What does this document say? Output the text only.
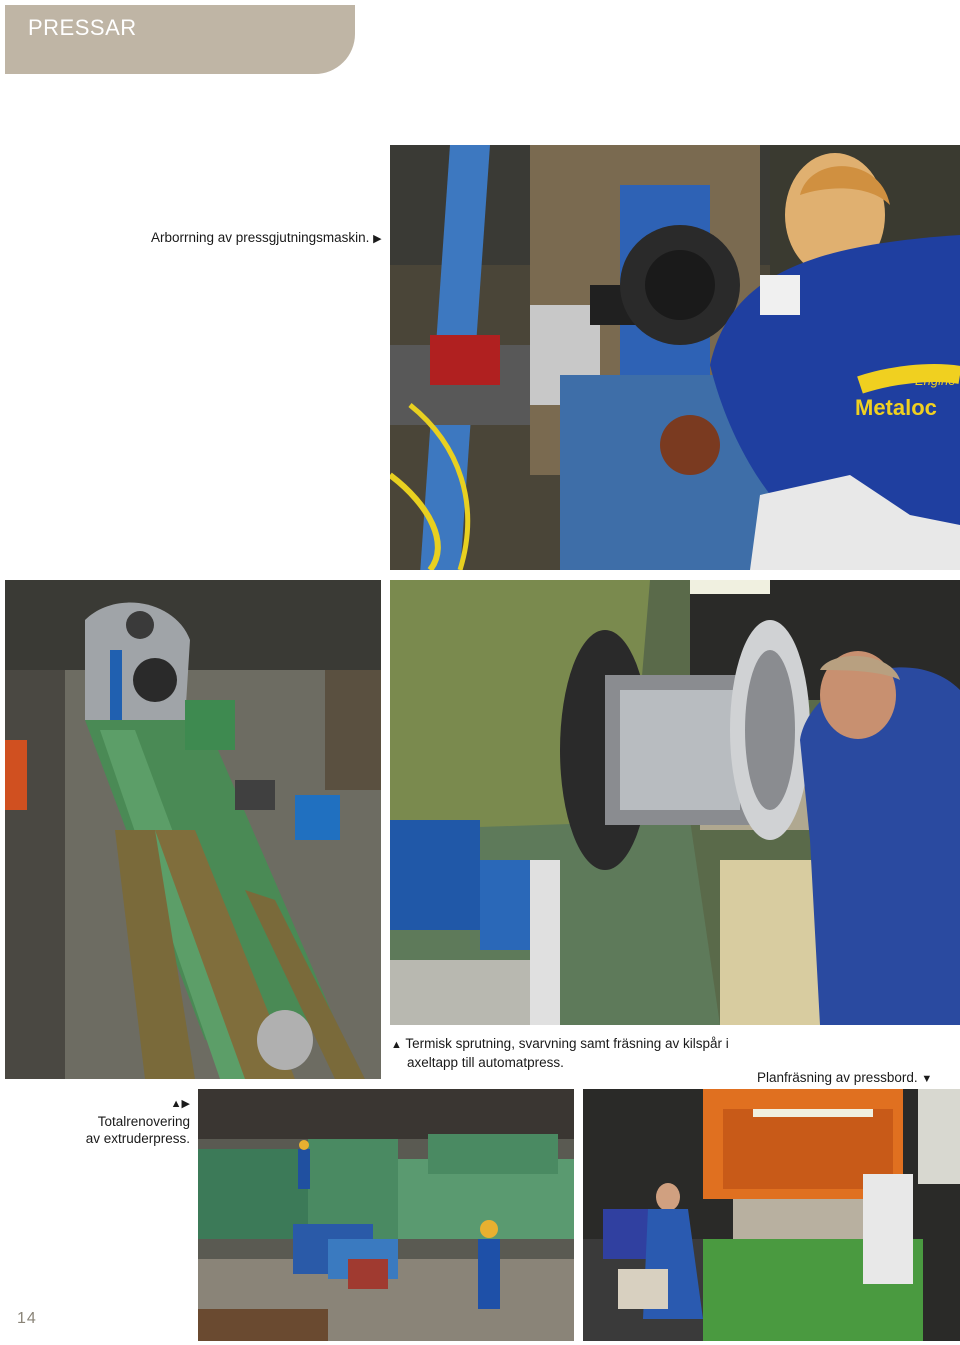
PRESSAR
Arborrning av pressgjutningsmaskin. ▶
Metaloc
Engine
▲ Termisk sprutning, svarvning samt fräsning av kilspår i
axeltapp till automatpress.
Planfräsning av pressbord. ▼
▲▶
Totalrenovering
av extruderpress.
14
